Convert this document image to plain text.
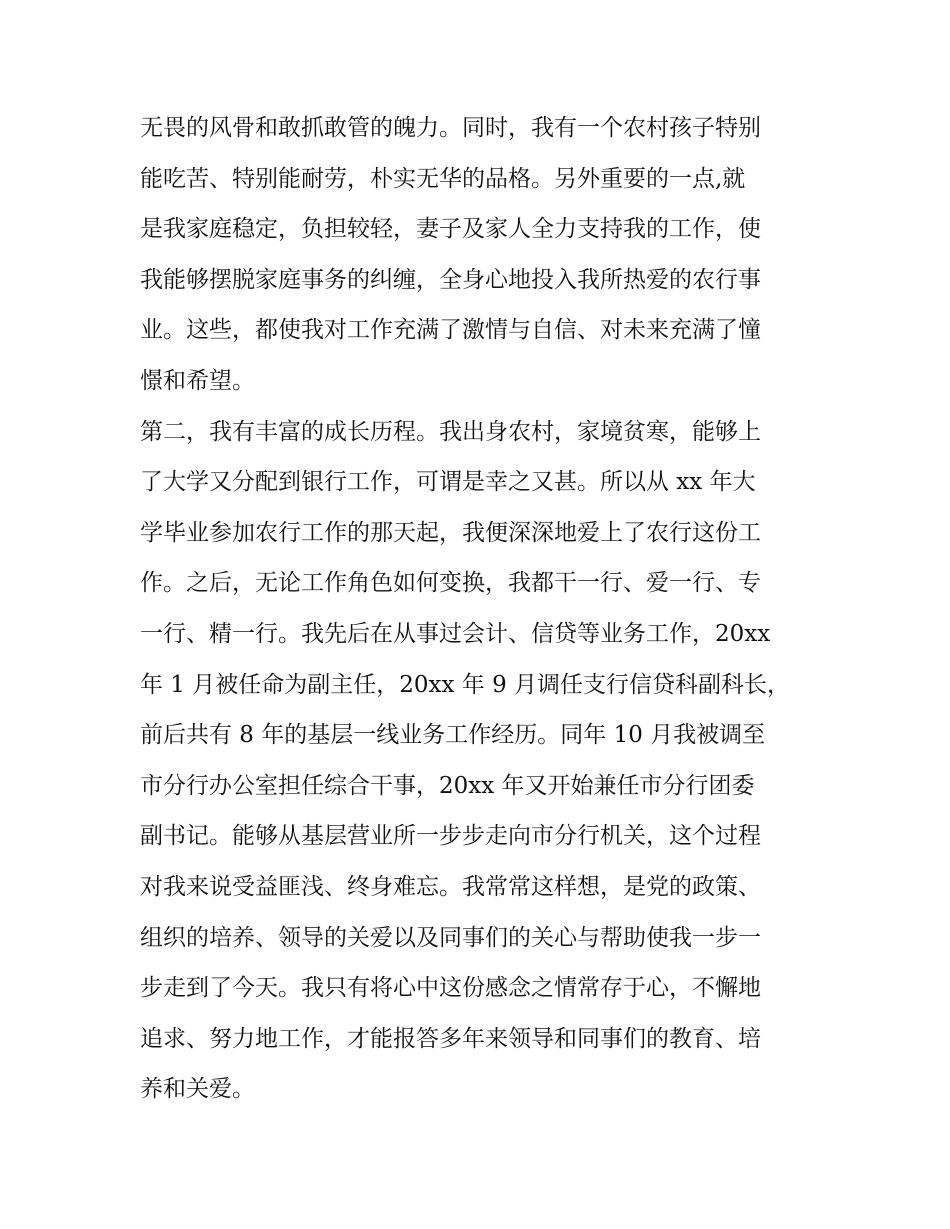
无畏的风骨和敢抓敢管的魄力。同时，我有一个农村孩子特别
能吃苦、特别能耐劳，朴实无华的品格。另外重要的一点,就
是我家庭稳定，负担较轻，妻子及家人全力支持我的工作，使
我能够摆脱家庭事务的纠缠，全身心地投入我所热爱的农行事
业。这些，都使我对工作充满了激情与自信、对未来充满了憧
憬和希望。
第二，我有丰富的成长历程。我出身农村，家境贫寒，能够上
了大学又分配到银行工作，可谓是幸之又甚。所以从 xx 年大
学毕业参加农行工作的那天起，我便深深地爱上了农行这份工
作。之后，无论工作角色如何变换，我都干一行、爱一行、专
一行、精一行。我先后在从事过会计、信贷等业务工作，20xx
年 1 月被任命为副主任，20xx 年 9 月调任支行信贷科副科长，
前后共有 8 年的基层一线业务工作经历。同年 10 月我被调至
市分行办公室担任综合干事，20xx 年又开始兼任市分行团委
副书记。能够从基层营业所一步步走向市分行机关，这个过程
对我来说受益匪浅、终身难忘。我常常这样想，是党的政策、
组织的培养、领导的关爱以及同事们的关心与帮助使我一步一
步走到了今天。我只有将心中这份感念之情常存于心，不懈地
追求、努力地工作，才能报答多年来领导和同事们的教育、培
养和关爱。
